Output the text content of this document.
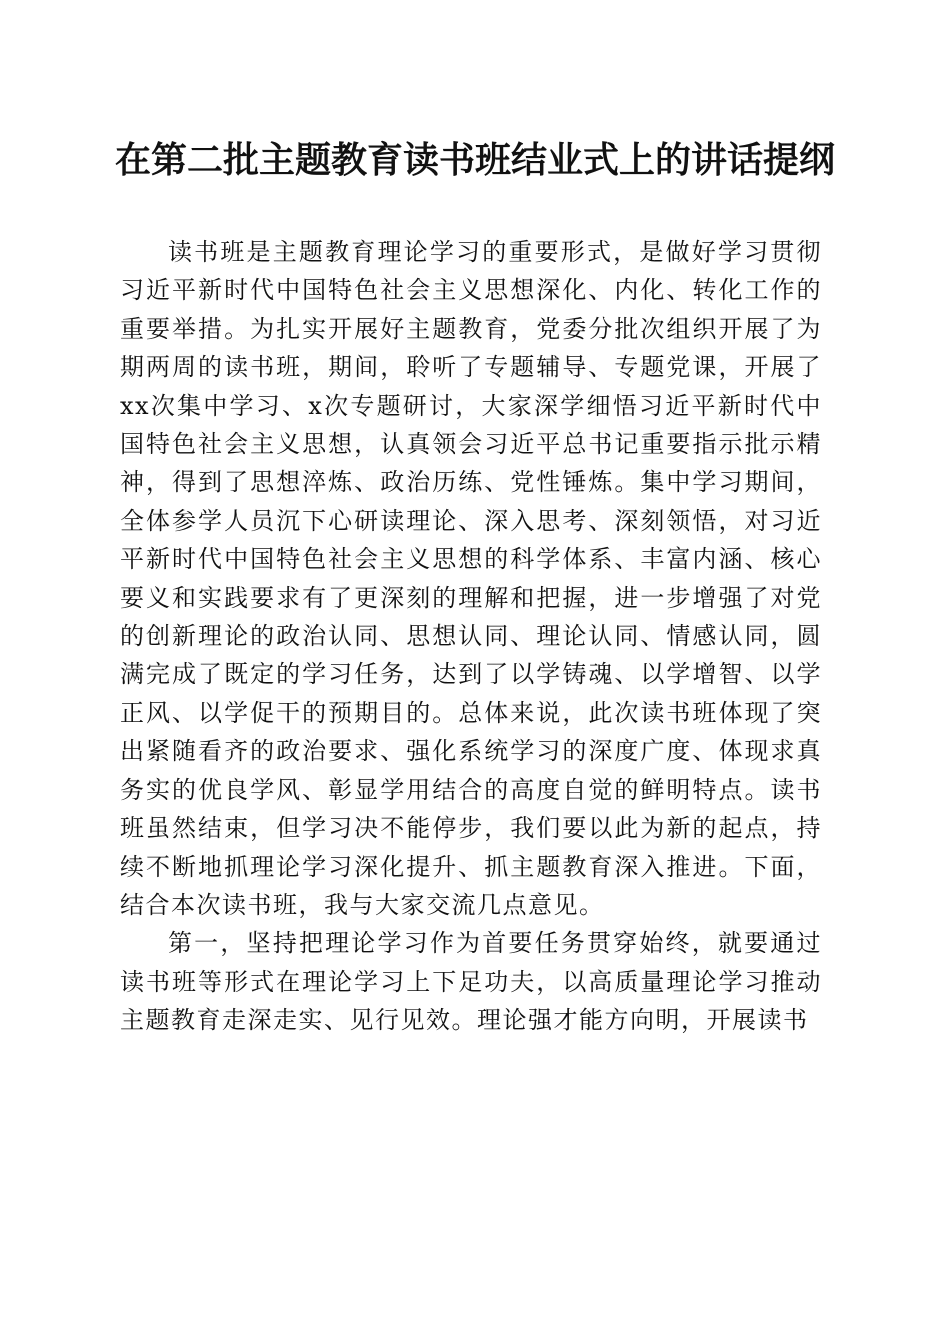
在第二批主题教育读书班结业式上的讲话提纲

读书班是主题教育理论学习的重要形式，是做好学习贯彻习近平新时代中国特色社会主义思想深化、内化、转化工作的重要举措。为扎实开展好主题教育，党委分批次组织开展了为期两周的读书班，期间，聆听了专题辅导、专题党课，开展了xx次集中学习、x次专题研讨，大家深学细悟习近平新时代中国特色社会主义思想，认真领会习近平总书记重要指示批示精神，得到了思想淬炼、政治历练、党性锤炼。集中学习期间，全体参学人员沉下心研读理论、深入思考、深刻领悟，对习近平新时代中国特色社会主义思想的科学体系、丰富内涵、核心要义和实践要求有了更深刻的理解和把握，进一步增强了对党的创新理论的政治认同、思想认同、理论认同、情感认同，圆满完成了既定的学习任务，达到了以学铸魂、以学增智、以学正风、以学促干的预期目的。总体来说，此次读书班体现了突出紧随看齐的政治要求、强化系统学习的深度广度、体现求真务实的优良学风、彰显学用结合的高度自觉的鲜明特点。读书班虽然结束，但学习决不能停步，我们要以此为新的起点，持续不断地抓理论学习深化提升、抓主题教育深入推进。下面，结合本次读书班，我与大家交流几点意见。

第一，坚持把理论学习作为首要任务贯穿始终，就要通过读书班等形式在理论学习上下足功夫，以高质量理论学习推动主题教育走深走实、见行见效。理论强才能方向明，开展读书
